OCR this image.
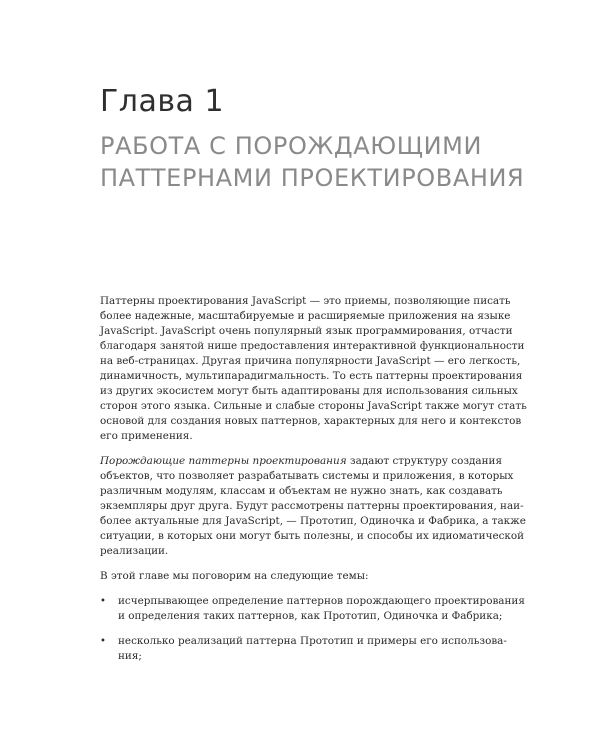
Глава 1
РАБОТА С ПОРОЖДАЮЩИМИ
ПАТТЕРНАМИ ПРОЕКТИРОВАНИЯ

Паттерны проектирования JavaScript — это приемы, позволяющие писать
более надежные, масштабируемые и расширяемые приложения на языке
JavaScript. JavaScript очень популярный язык программирования, отчасти
благодаря занятой нише предоставления интерактивной функциональности
на веб-страницах. Другая причина популярности JavaScript — его легкость,
динамичность, мультипарадигмальность. То есть паттерны проектирования
из других экосистем могут быть адаптированы для использования сильных
сторон этого языка. Сильные и слабые стороны JavaScript также могут стать
основой для создания новых паттернов, характерных для него и контекстов
его применения.

Порождающие паттерны проектирования задают структуру создания
объектов, что позволяет разрабатывать системы и приложения, в которых
различным модулям, классам и объектам не нужно знать, как создавать
экземпляры друг друга. Будут рассмотрены паттерны проектирования, наи-
более актуальные для JavaScript, — Прототип, Одиночка и Фабрика, а также
ситуации, в которых они могут быть полезны, и способы их идиоматической
реализации.

В этой главе мы поговорим на следующие темы:

•	исчерпывающее определение паттернов порождающего проектирования
и определения таких паттернов, как Прототип, Одиночка и Фабрика;
•	несколько реализаций паттерна Прототип и примеры его использова-
ния;
